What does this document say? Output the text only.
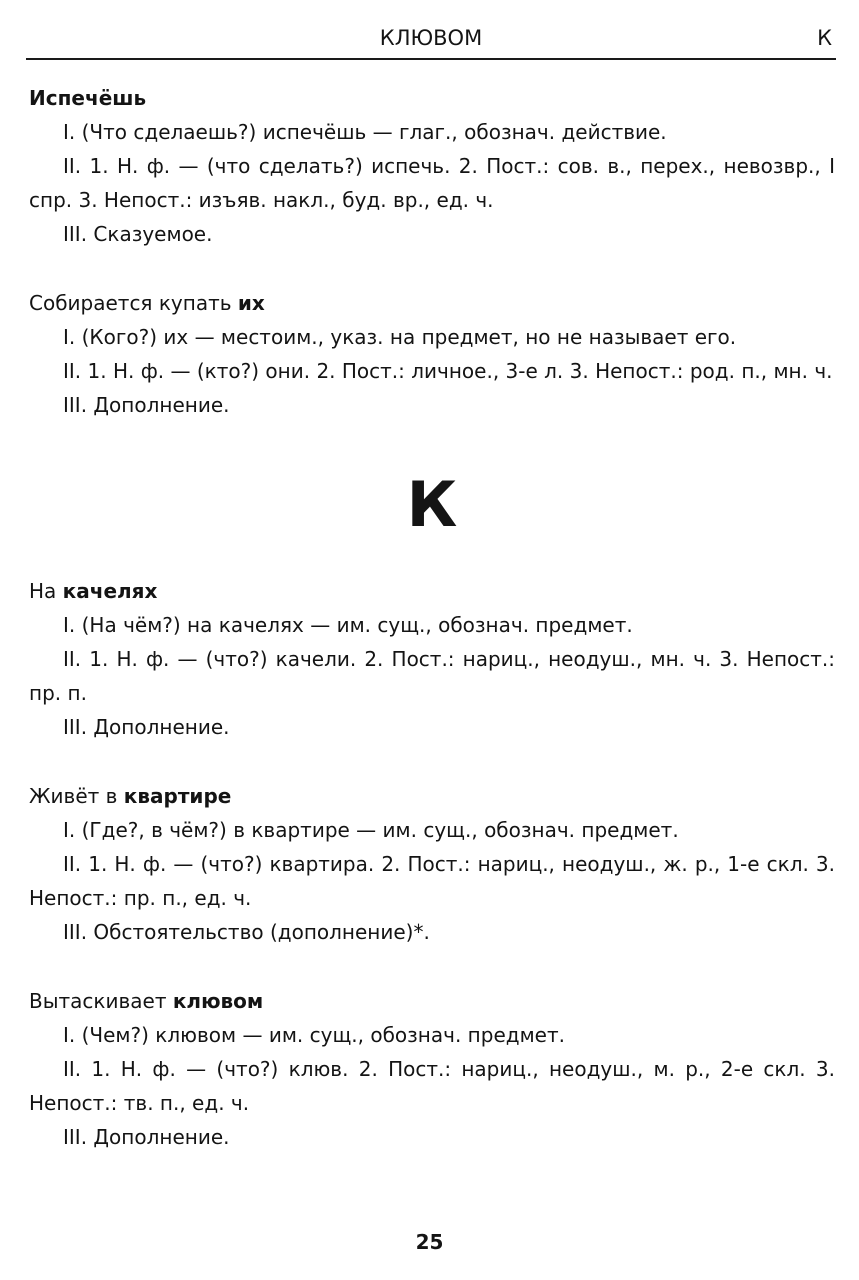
КЛЮВОМ	К
Испечёшь

I. (Что сделаешь?) испечёшь — глаг., обознач. действие.

II. 1. Н. ф. — (что сделать?) испечь. 2. Пост.: сов. в., перех., невозвр., I спр. 3. Непост.: изъяв. накл., буд. вр., ед. ч.

III. Сказуемое.

Собирается купать их

I. (Кого?) их — местоим., указ. на предмет, но не называет его.

II. 1. Н. ф. — (кто?) они. 2. Пост.: личное., 3-е л. 3. Непост.: род. п., мн. ч.

III. Дополнение.

К
На качелях

I. (На чём?) на качелях — им. сущ., обознач. предмет.

II. 1. Н. ф. — (что?) качели. 2. Пост.: нариц., неодуш., мн. ч. 3. Непост.: пр. п.

III. Дополнение.

Живёт в квартире

I. (Где?, в чём?) в квартире — им. сущ., обознач. предмет.

II. 1. Н. ф. — (что?) квартира. 2. Пост.: нариц., неодуш., ж. р., 1-е скл. 3. Непост.: пр. п., ед. ч.

III. Обстоятельство (дополнение)*.

Вытаскивает клювом

I. (Чем?) клювом — им. сущ., обознач. предмет.

II. 1. Н. ф. — (что?) клюв. 2. Пост.: нариц., неодуш., м. р., 2-е скл. 3. Непост.: тв. п., ед. ч.

III. Дополнение.

25
